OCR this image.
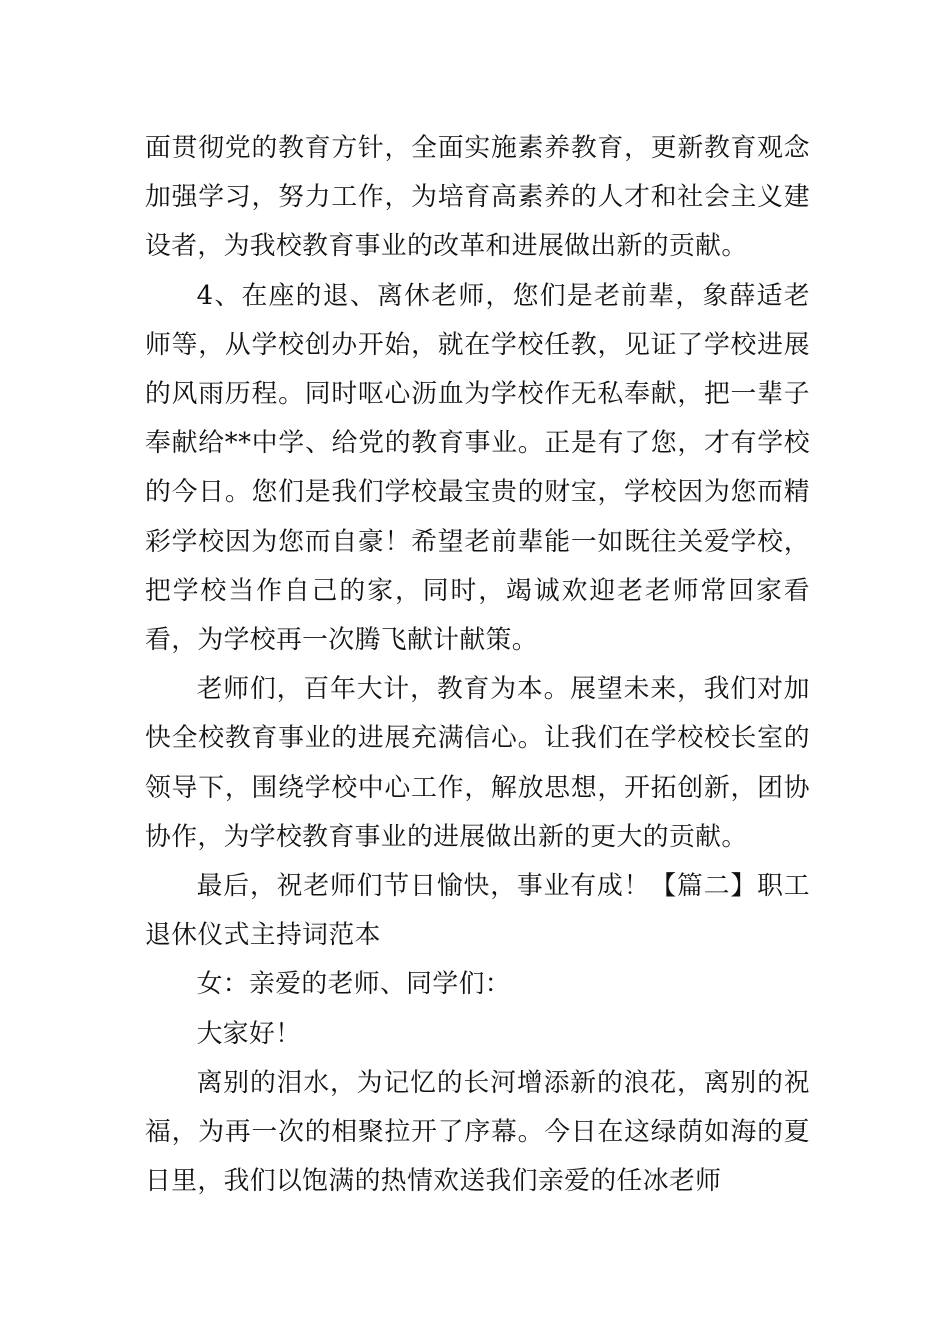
面贯彻党的教育方针，全面实施素养教育，更新教育观念加强学习，努力工作，为培育高素养的人才和社会主义建设者，为我校教育事业的改革和进展做出新的贡献。

4、在座的退、离休老师，您们是老前辈，象薛适老师等，从学校创办开始，就在学校任教，见证了学校进展的风雨历程。同时呕心沥血为学校作无私奉献，把一辈子奉献给**中学、给党的教育事业。正是有了您，才有学校的今日。您们是我们学校最宝贵的财宝，学校因为您而精彩学校因为您而自豪！希望老前辈能一如既往关爱学校，把学校当作自己的家，同时，竭诚欢迎老老师常回家看看，为学校再一次腾飞献计献策。

老师们，百年大计，教育为本。展望未来，我们对加快全校教育事业的进展充满信心。让我们在学校校长室的领导下，围绕学校中心工作，解放思想，开拓创新，团协协作，为学校教育事业的进展做出新的更大的贡献。

最后，祝老师们节日愉快，事业有成！【篇二】职工退休仪式主持词范本

女：亲爱的老师、同学们：

大家好！

离别的泪水，为记忆的长河增添新的浪花，离别的祝福，为再一次的相聚拉开了序幕。今日在这绿荫如海的夏日里，我们以饱满的热情欢送我们亲爱的任冰老师
